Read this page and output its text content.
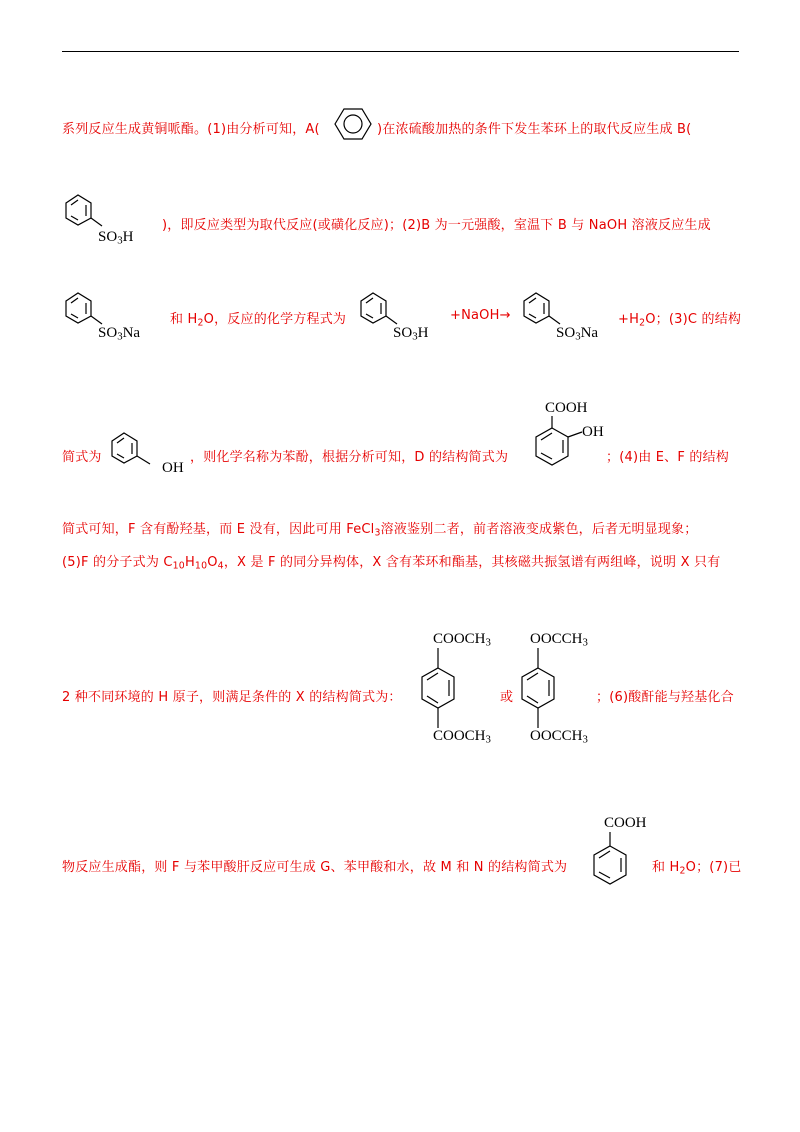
系列反应生成黄铜哌酯。(1)由分析可知，A(	)在浓硫酸加热的条件下发生苯环上的取代反应生成 B(
$SO_3H$
)，即反应类型为取代反应(或磺化反应)；(2)B 为一元强酸，室温下 B 与 NaOH 溶液反应生成
$SO_3Na$
和 $H_2O$，反应的化学方程式为
$SO_3H$
+NaOH→
$SO_3Na$
$+H_2O$；(3)C 的结构
简式为
OH
，则化学名称为苯酚，根据分析可知，D 的结构简式为
COOH
OH
；(4)由 E、F 的结构
简式可知，F 含有酚羟基，而 E 没有，因此可用 FeCl$_3$溶液鉴别二者，前者溶液变成紫色，后者无明显现象；
(5)F 的分子式为 $C_{10}H_{10}O_4$，X 是 F 的同分异构体，X 含有苯环和酯基，其核磁共振氢谱有两组峰，说明 X 只有
2 种不同环境的 H 原子，则满足条件的 X 的结构简式为：
$COOCH_3$
$COOCH_3$
或
$OOCCH_3$
$OOCCH_3$
；(6)酸酐能与羟基化合
物反应生成酯，则 F 与苯甲酸肝反应可生成 G、苯甲酸和水，故 M 和 N 的结构简式为
COOH
和 $H_2O$；(7)已
